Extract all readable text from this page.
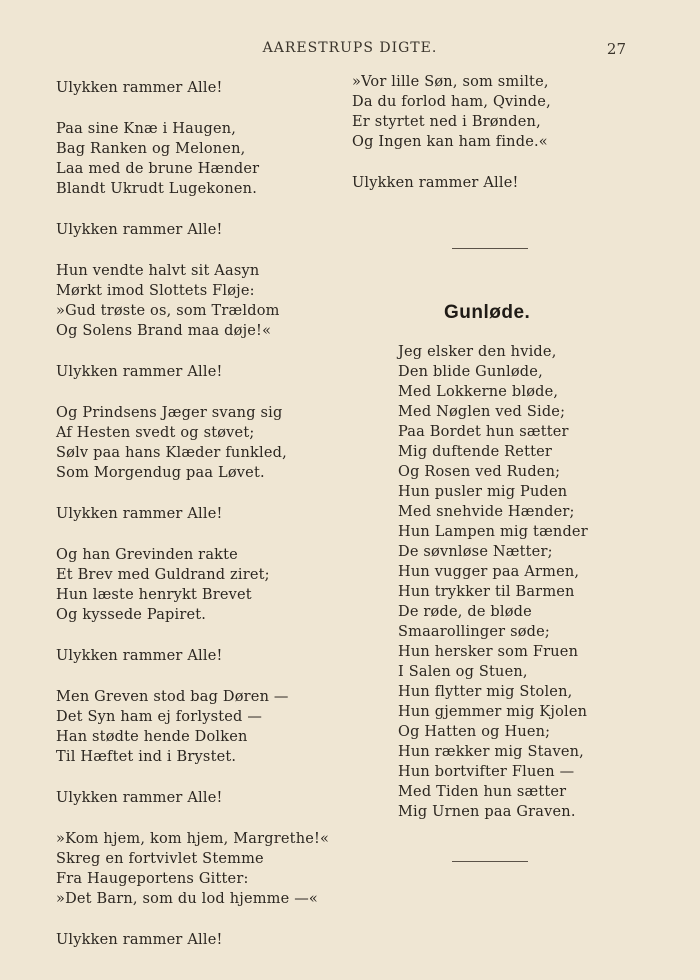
AARESTRUPS DIGTE.	27
Ulykken rammer Alle!
Paa sine Knæ i Haugen,
Bag Ranken og Melonen,
Laa med de brune Hænder
Blandt Ukrudt Lugekonen.
Ulykken rammer Alle!
Hun vendte halvt sit Aasyn
Mørkt imod Slottets Fløje:
»Gud trøste os, som Trældom
Og Solens Brand maa døje!«
Ulykken rammer Alle!
Og Prindsens Jæger svang sig
Af Hesten svedt og støvet;
Sølv paa hans Klæder funkled,
Som Morgendug paa Løvet.
Ulykken rammer Alle!
Og han Grevinden rakte
Et Brev med Guldrand ziret;
Hun læste henrykt Brevet
Og kyssede Papiret.
Ulykken rammer Alle!
Men Greven stod bag Døren —
Det Syn ham ej forlysted —
Han stødte hende Dolken
Til Hæftet ind i Brystet.
Ulykken rammer Alle!
»Kom hjem, kom hjem, Margrethe!«
Skreg en fortvivlet Stemme
Fra Haugeportens Gitter:
»Det Barn, som du lod hjemme —«
Ulykken rammer Alle!
»Vor lille Søn, som smilte,
Da du forlod ham, Qvinde,
Er styrtet ned i Brønden,
Og Ingen kan ham finde.«
Ulykken rammer Alle!
Gunløde.
Jeg elsker den hvide,
Den blide Gunløde,
Med Lokkerne bløde,
Med Nøglen ved Side;
Paa Bordet hun sætter
Mig duftende Retter
Og Rosen ved Ruden;
Hun pusler mig Puden
Med snehvide Hænder;
Hun Lampen mig tænder
De søvnløse Nætter;
Hun vugger paa Armen,
Hun trykker til Barmen
De røde, de bløde
Smaarollinger søde;
Hun hersker som Fruen
I Salen og Stuen,
Hun flytter mig Stolen,
Hun gjemmer mig Kjolen
Og Hatten og Huen;
Hun rækker mig Staven,
Hun bortvifter Fluen —
Med Tiden hun sætter
Mig Urnen paa Graven.
